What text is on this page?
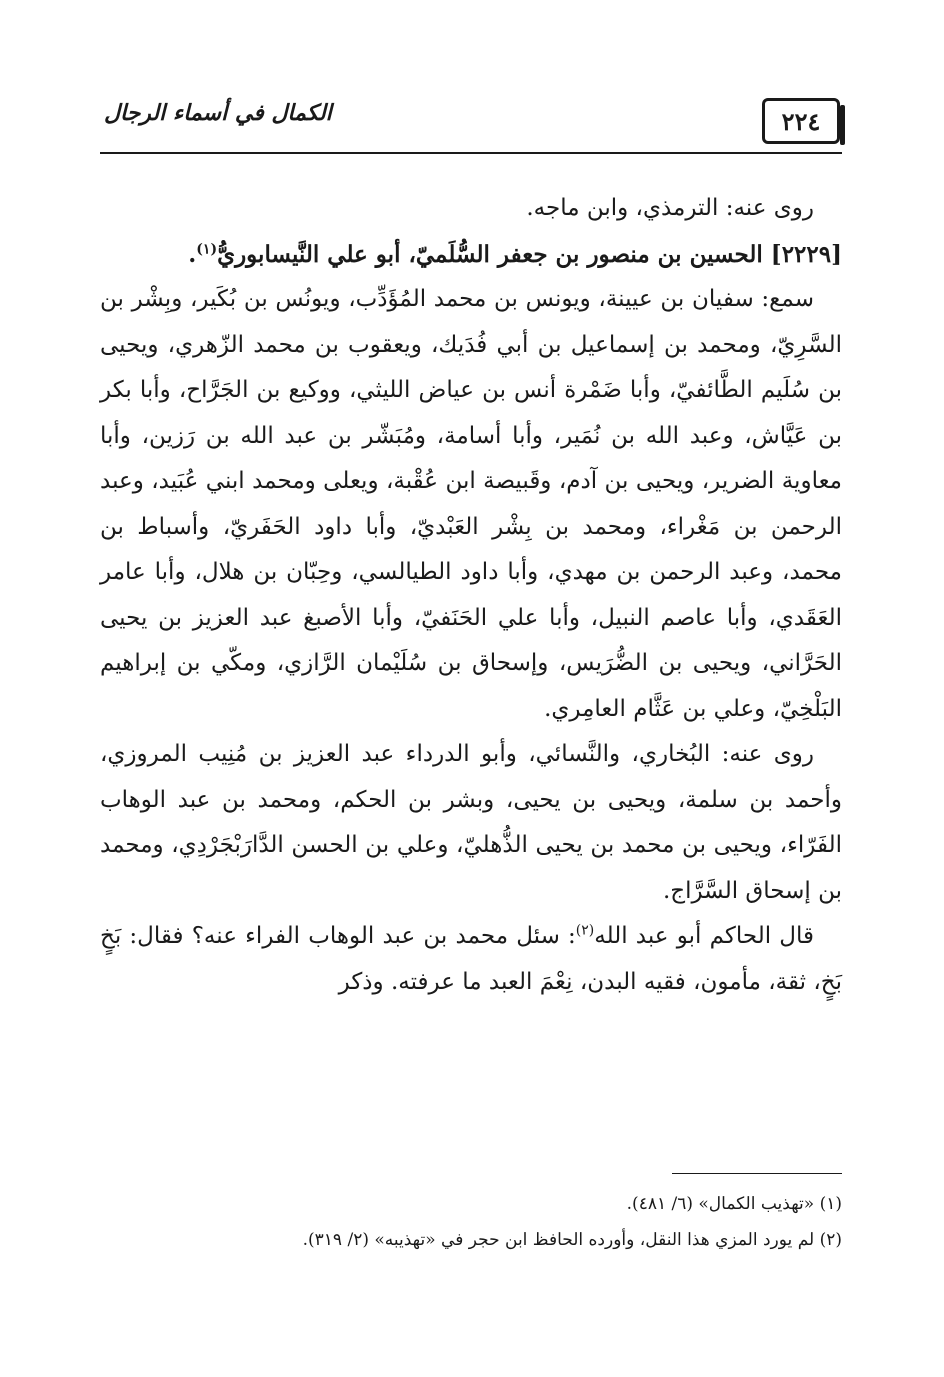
٢٢٤
الكمال في أسماء الرجال

روى عنه: الترمذي، وابن ماجه.

[٢٢٢٩] الحسين بن منصور بن جعفر السُّلَميّ، أبو علي النَّيسابوريُّ$^{(١)}$.

سمع: سفيان بن عيينة، ويونس بن محمد المُؤَدِّب، ويونُس بن بُكَير، وبِشْر بن السَّرِيّ، ومحمد بن إسماعيل بن أبي فُدَيك، ويعقوب بن محمد الزّهري، ويحيى بن سُلَيم الطَّائفيّ، وأبا ضَمْرة أنس بن عياض الليثي، ووكيع بن الجَرَّاح، وأبا بكر بن عَيَّاش، وعبد الله بن نُمَير، وأبا أسامة، ومُبَشّر بن عبد الله بن رَزين، وأبا معاوية الضرير، ويحيى بن آدم، وقَبيصة ابن عُقْبة، ويعلى ومحمد ابني عُبَيد، وعبد الرحمن بن مَغْراء، ومحمد بن بِشْر العَبْديّ، وأبا داود الحَفَريّ، وأسباط بن محمد، وعبد الرحمن بن مهدي، وأبا داود الطيالسي، وحِبّان بن هلال، وأبا عامر العَقَدي، وأبا عاصم النبيل، وأبا علي الحَنَفيّ، وأبا الأصبغ عبد العزيز بن يحيى الحَرَّاني، ويحيى بن الضُّرَيس، وإسحاق بن سُلَيْمان الرَّازي، ومكّي بن إبراهيم البَلْخِيّ، وعلي بن عَثَّام العامِري.

روى عنه: البُخاري، والنَّسائي، وأبو الدرداء عبد العزيز بن مُنِيب المروزي، وأحمد بن سلمة، ويحيى بن يحيى، وبشر بن الحكم، ومحمد بن عبد الوهاب الفَرّاء، ويحيى بن محمد بن يحيى الذُّهليّ، وعلي بن الحسن الدَّارَبْجَرْدِي، ومحمد بن إسحاق السَّرَّاج.

قال الحاكم أبو عبد الله$^{(٢)}$: سئل محمد بن عبد الوهاب الفراء عنه؟ فقال: بَخٍ بَخٍ، ثقة، مأمون، فقيه البدن، نِعْمَ العبد ما عرفته. وذكر

(١) «تهذيب الكمال» (٦/ ٤٨١).

(٢) لم يورد المزي هذا النقل، وأورده الحافظ ابن حجر في «تهذيبه» (٢/ ٣١٩).
